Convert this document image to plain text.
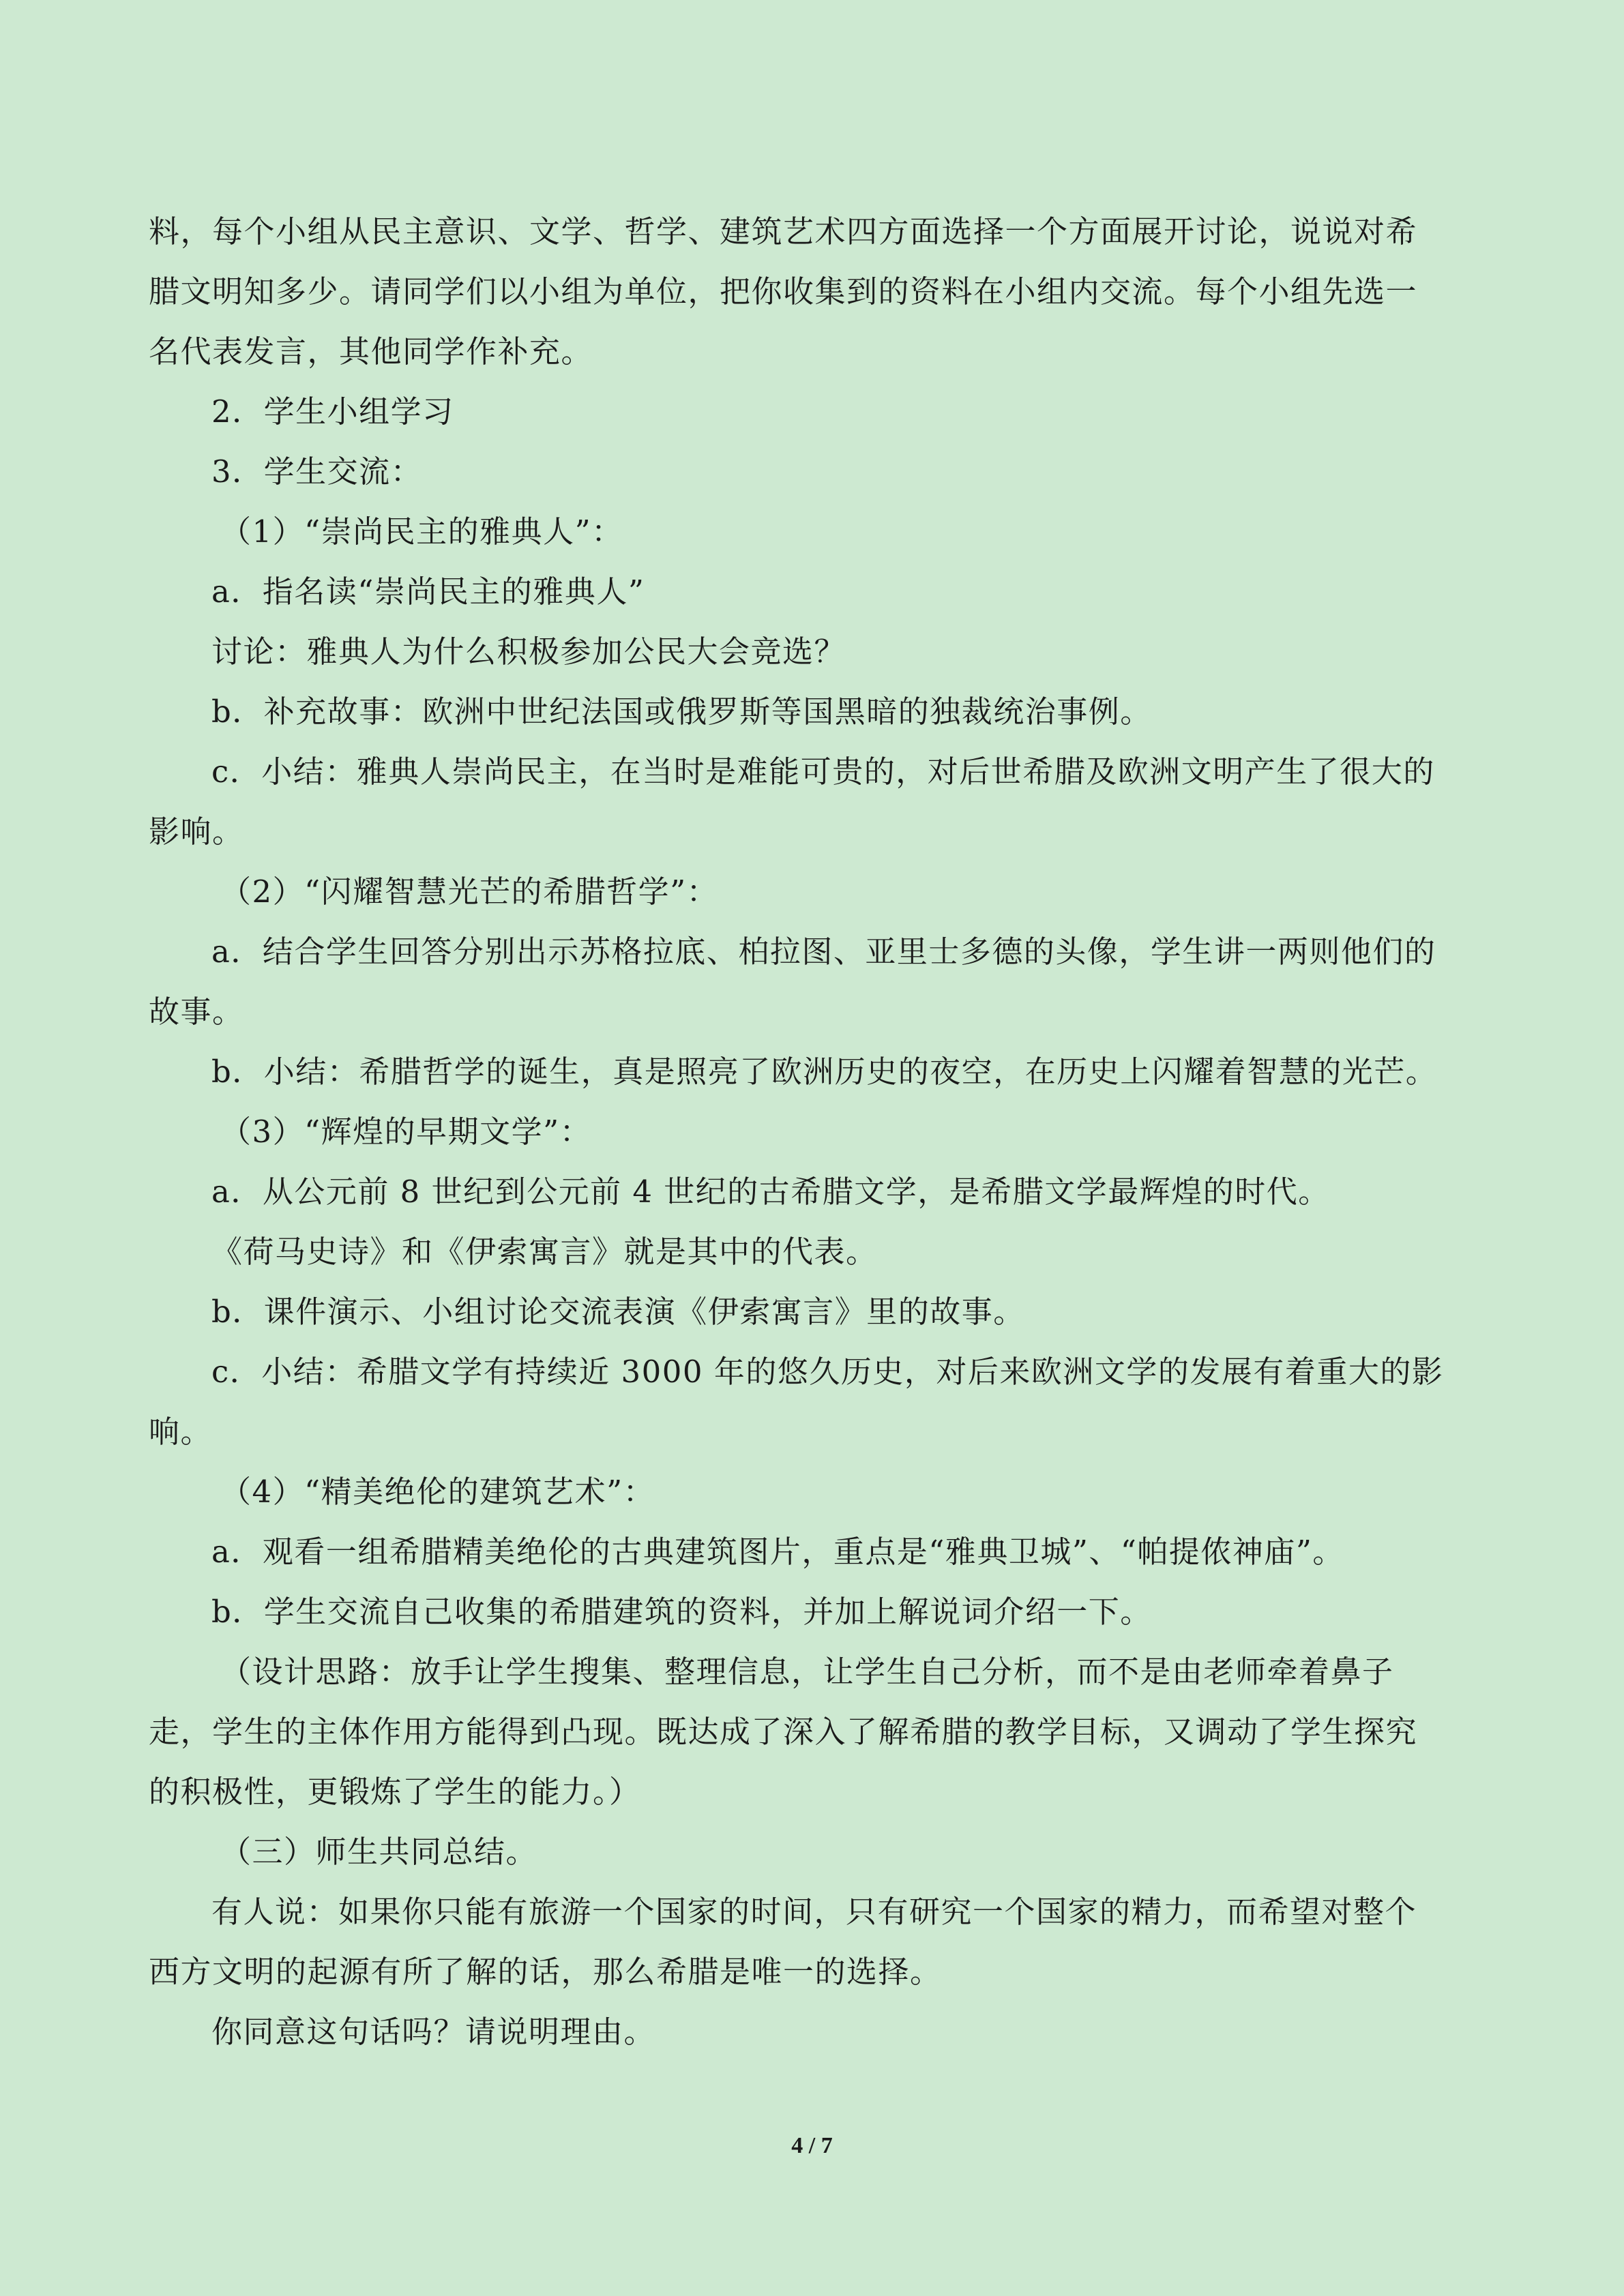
料，每个小组从民主意识、文学、哲学、建筑艺术四方面选择一个方面展开讨论，说说对希
腊文明知多少。请同学们以小组为单位，把你收集到的资料在小组内交流。每个小组先选一
名代表发言，其他同学作补充。
2．学生小组学习
3．学生交流：
（1）“崇尚民主的雅典人”：
a．指名读“崇尚民主的雅典人”
讨论：雅典人为什么积极参加公民大会竞选？
b．补充故事：欧洲中世纪法国或俄罗斯等国黑暗的独裁统治事例。
c．小结：雅典人崇尚民主，在当时是难能可贵的，对后世希腊及欧洲文明产生了很大的
影响。
（2）“闪耀智慧光芒的希腊哲学”：
a．结合学生回答分别出示苏格拉底、柏拉图、亚里士多德的头像，学生讲一两则他们的
故事。
b．小结：希腊哲学的诞生，真是照亮了欧洲历史的夜空，在历史上闪耀着智慧的光芒。
（3）“辉煌的早期文学”：
a．从公元前 8 世纪到公元前 4 世纪的古希腊文学，是希腊文学最辉煌的时代。
《荷马史诗》和《伊索寓言》就是其中的代表。
b．课件演示、小组讨论交流表演《伊索寓言》里的故事。
c．小结：希腊文学有持续近 3000 年的悠久历史，对后来欧洲文学的发展有着重大的影
响。
（4）“精美绝伦的建筑艺术”：
a．观看一组希腊精美绝伦的古典建筑图片，重点是“雅典卫城”、“帕提侬神庙”。
b．学生交流自己收集的希腊建筑的资料，并加上解说词介绍一下。
（设计思路：放手让学生搜集、整理信息，让学生自己分析，而不是由老师牵着鼻子
走，学生的主体作用方能得到凸现。既达成了深入了解希腊的教学目标，又调动了学生探究
的积极性，更锻炼了学生的能力。）
（三）师生共同总结。
有人说：如果你只能有旅游一个国家的时间，只有研究一个国家的精力，而希望对整个
西方文明的起源有所了解的话，那么希腊是唯一的选择。
你同意这句话吗？请说明理由。
4 / 7
